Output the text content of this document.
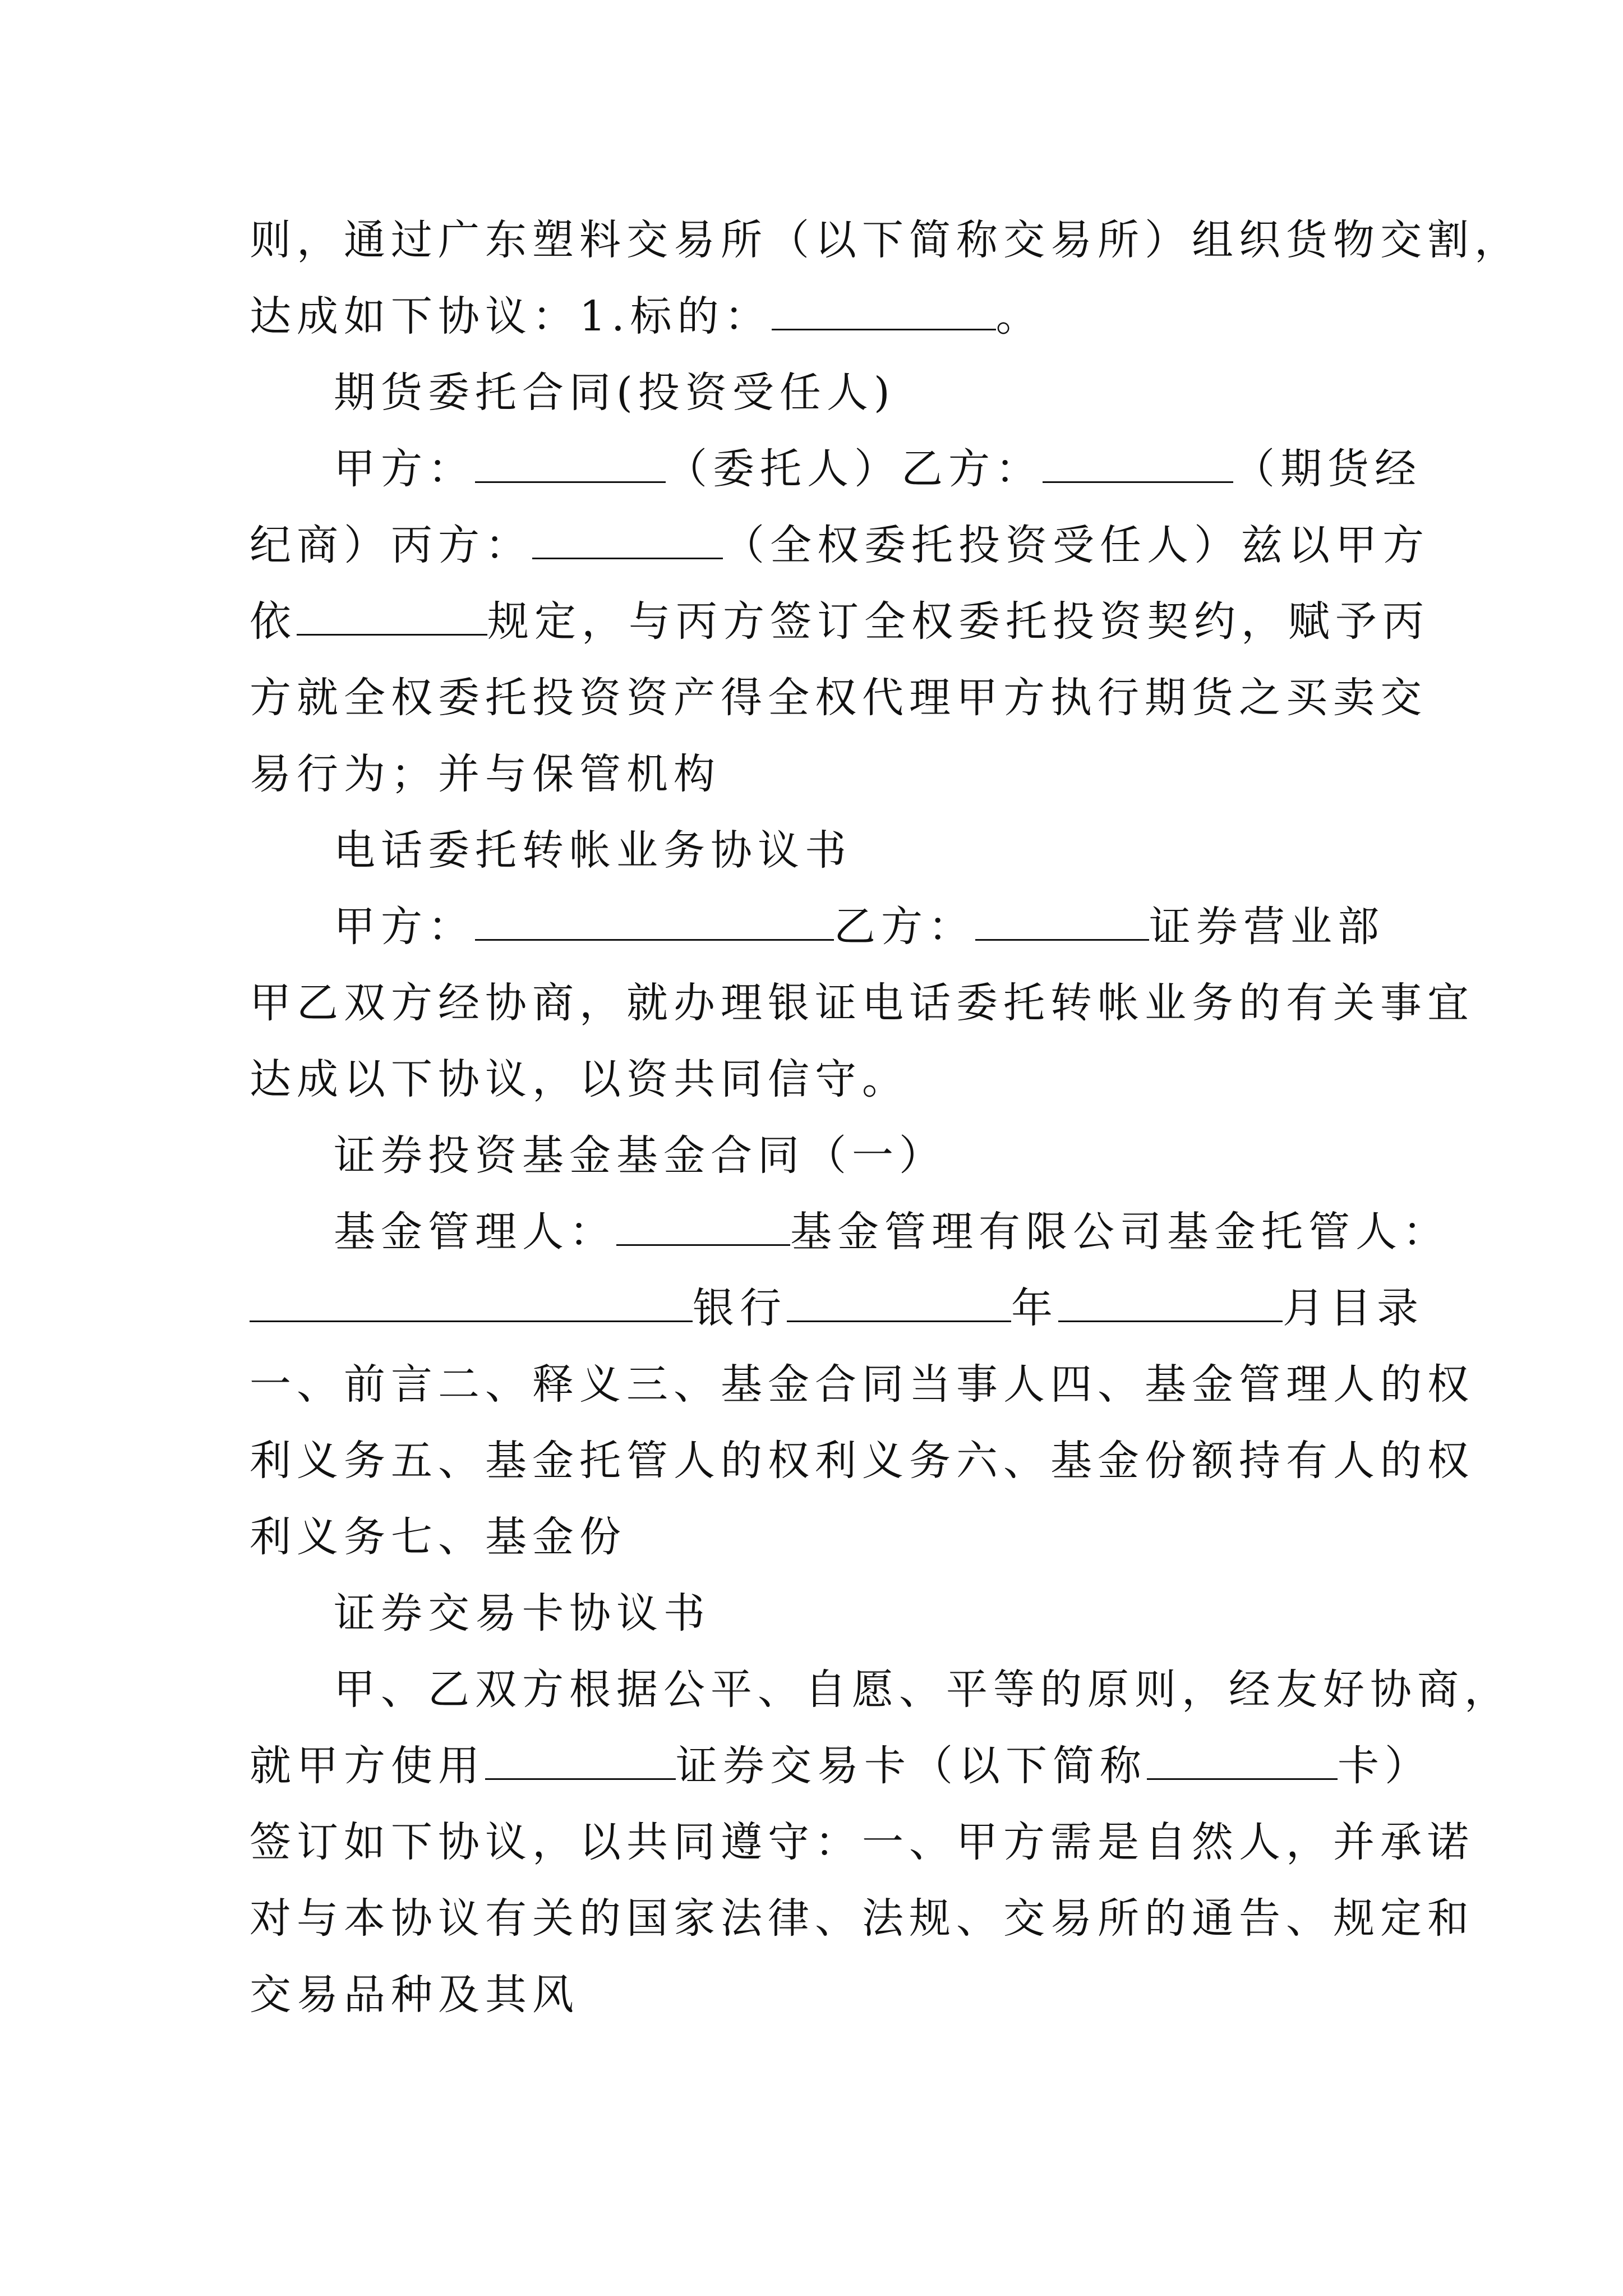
则，通过广东塑料交易所（以下简称交易所）组织货物交割，
达成如下协议：1.标的：	。
期货委托合同(投资受任人)
甲方：	（委托人）乙方：	（期货经
纪商）丙方：	（全权委托投资受任人）兹以甲方
依	规定，与丙方签订全权委托投资契约，赋予丙
方就全权委托投资资产得全权代理甲方执行期货之买卖交
易行为；并与保管机构
电话委托转帐业务协议书
甲方：	乙方：	证券营业部
甲乙双方经协商，就办理银证电话委托转帐业务的有关事宜
达成以下协议，以资共同信守。
证券投资基金基金合同（一）
基金管理人：	基金管理有限公司基金托管人：
银行	年	月目录
一、前言二、释义三、基金合同当事人四、基金管理人的权
利义务五、基金托管人的权利义务六、基金份额持有人的权
利义务七、基金份
证券交易卡协议书
甲、乙双方根据公平、自愿、平等的原则，经友好协商，
就甲方使用	证券交易卡（以下简称	卡）
签订如下协议，以共同遵守：一、甲方需是自然人，并承诺
对与本协议有关的国家法律、法规、交易所的通告、规定和
交易品种及其风
